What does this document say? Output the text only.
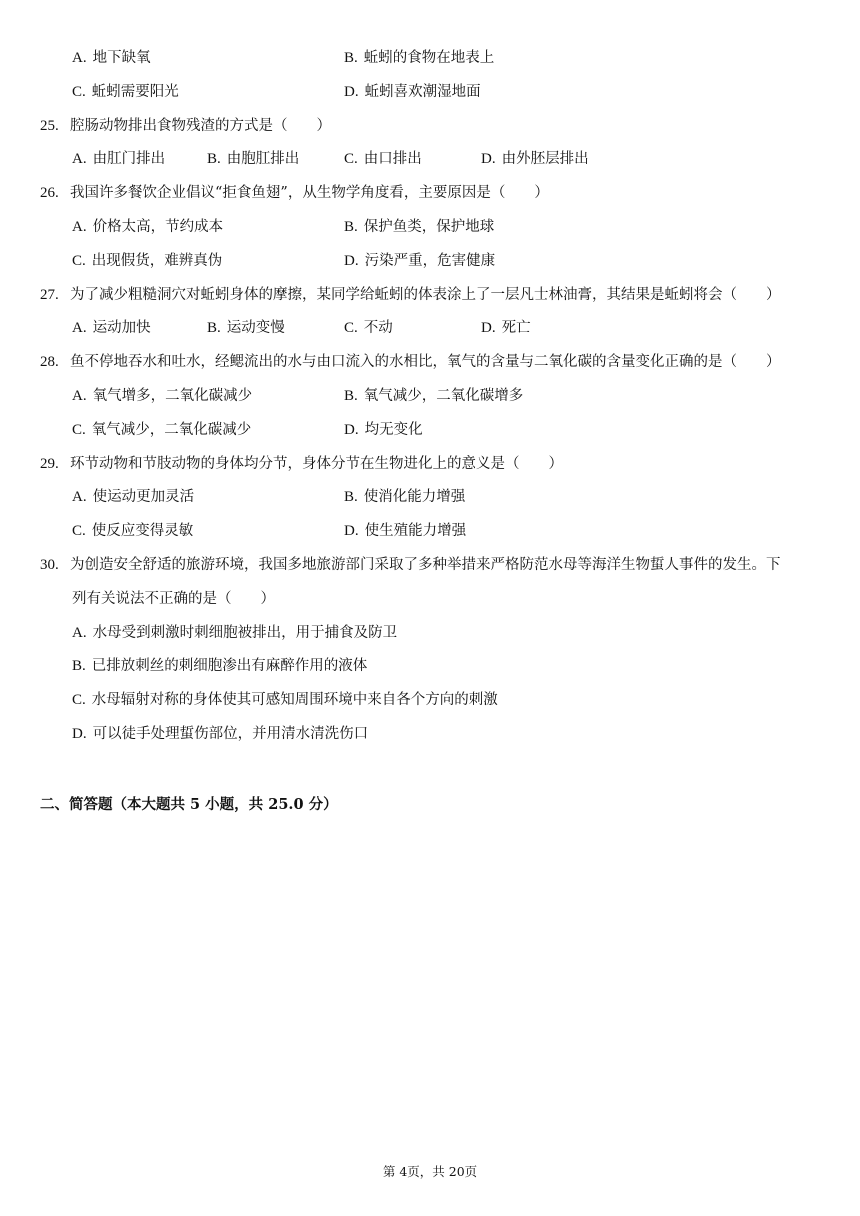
A. 地下缺氧	B. 蚯蚓的食物在地表上
C. 蚯蚓需要阳光	D. 蚯蚓喜欢潮湿地面
25. 腔肠动物排出食物残渣的方式是（　　）
A. 由肛门排出	B. 由胞肛排出	C. 由口排出	D. 由外胚层排出
26. 我国许多餐饮企业倡议“拒食鱼翅”，从生物学角度看，主要原因是（　　）
A. 价格太高，节约成本	B. 保护鱼类，保护地球
C. 出现假货，难辨真伪	D. 污染严重，危害健康
27. 为了减少粗糙洞穴对蚯蚓身体的摩擦，某同学给蚯蚓的体表涂上了一层凡士林油膏，其结果是蚯蚓将会（　　）
A. 运动加快	B. 运动变慢	C. 不动	D. 死亡
28. 鱼不停地吞水和吐水，经鳃流出的水与由口流入的水相比，氧气的含量与二氧化碳的含量变化正确的是（　　）
A. 氧气增多，二氧化碳减少	B. 氧气减少，二氧化碳增多
C. 氧气减少，二氧化碳减少	D. 均无变化
29. 环节动物和节肢动物的身体均分节，身体分节在生物进化上的意义是（　　）
A. 使运动更加灵活	B. 使消化能力增强
C. 使反应变得灵敏	D. 使生殖能力增强
30. 为创造安全舒适的旅游环境，我国多地旅游部门采取了多种举措来严格防范水母等海洋生物蜇人事件的发生。下
列有关说法不正确的是（　　）
A. 水母受到刺激时刺细胞被排出，用于捕食及防卫
B. 已排放刺丝的刺细胞渗出有麻醉作用的液体
C. 水母辐射对称的身体使其可感知周围环境中来自各个方向的刺激
D. 可以徒手处理蜇伤部位，并用清水清洗伤口
二、简答题（本大题共 5 小题，共 25.0 分）
第 4页，共 20页
